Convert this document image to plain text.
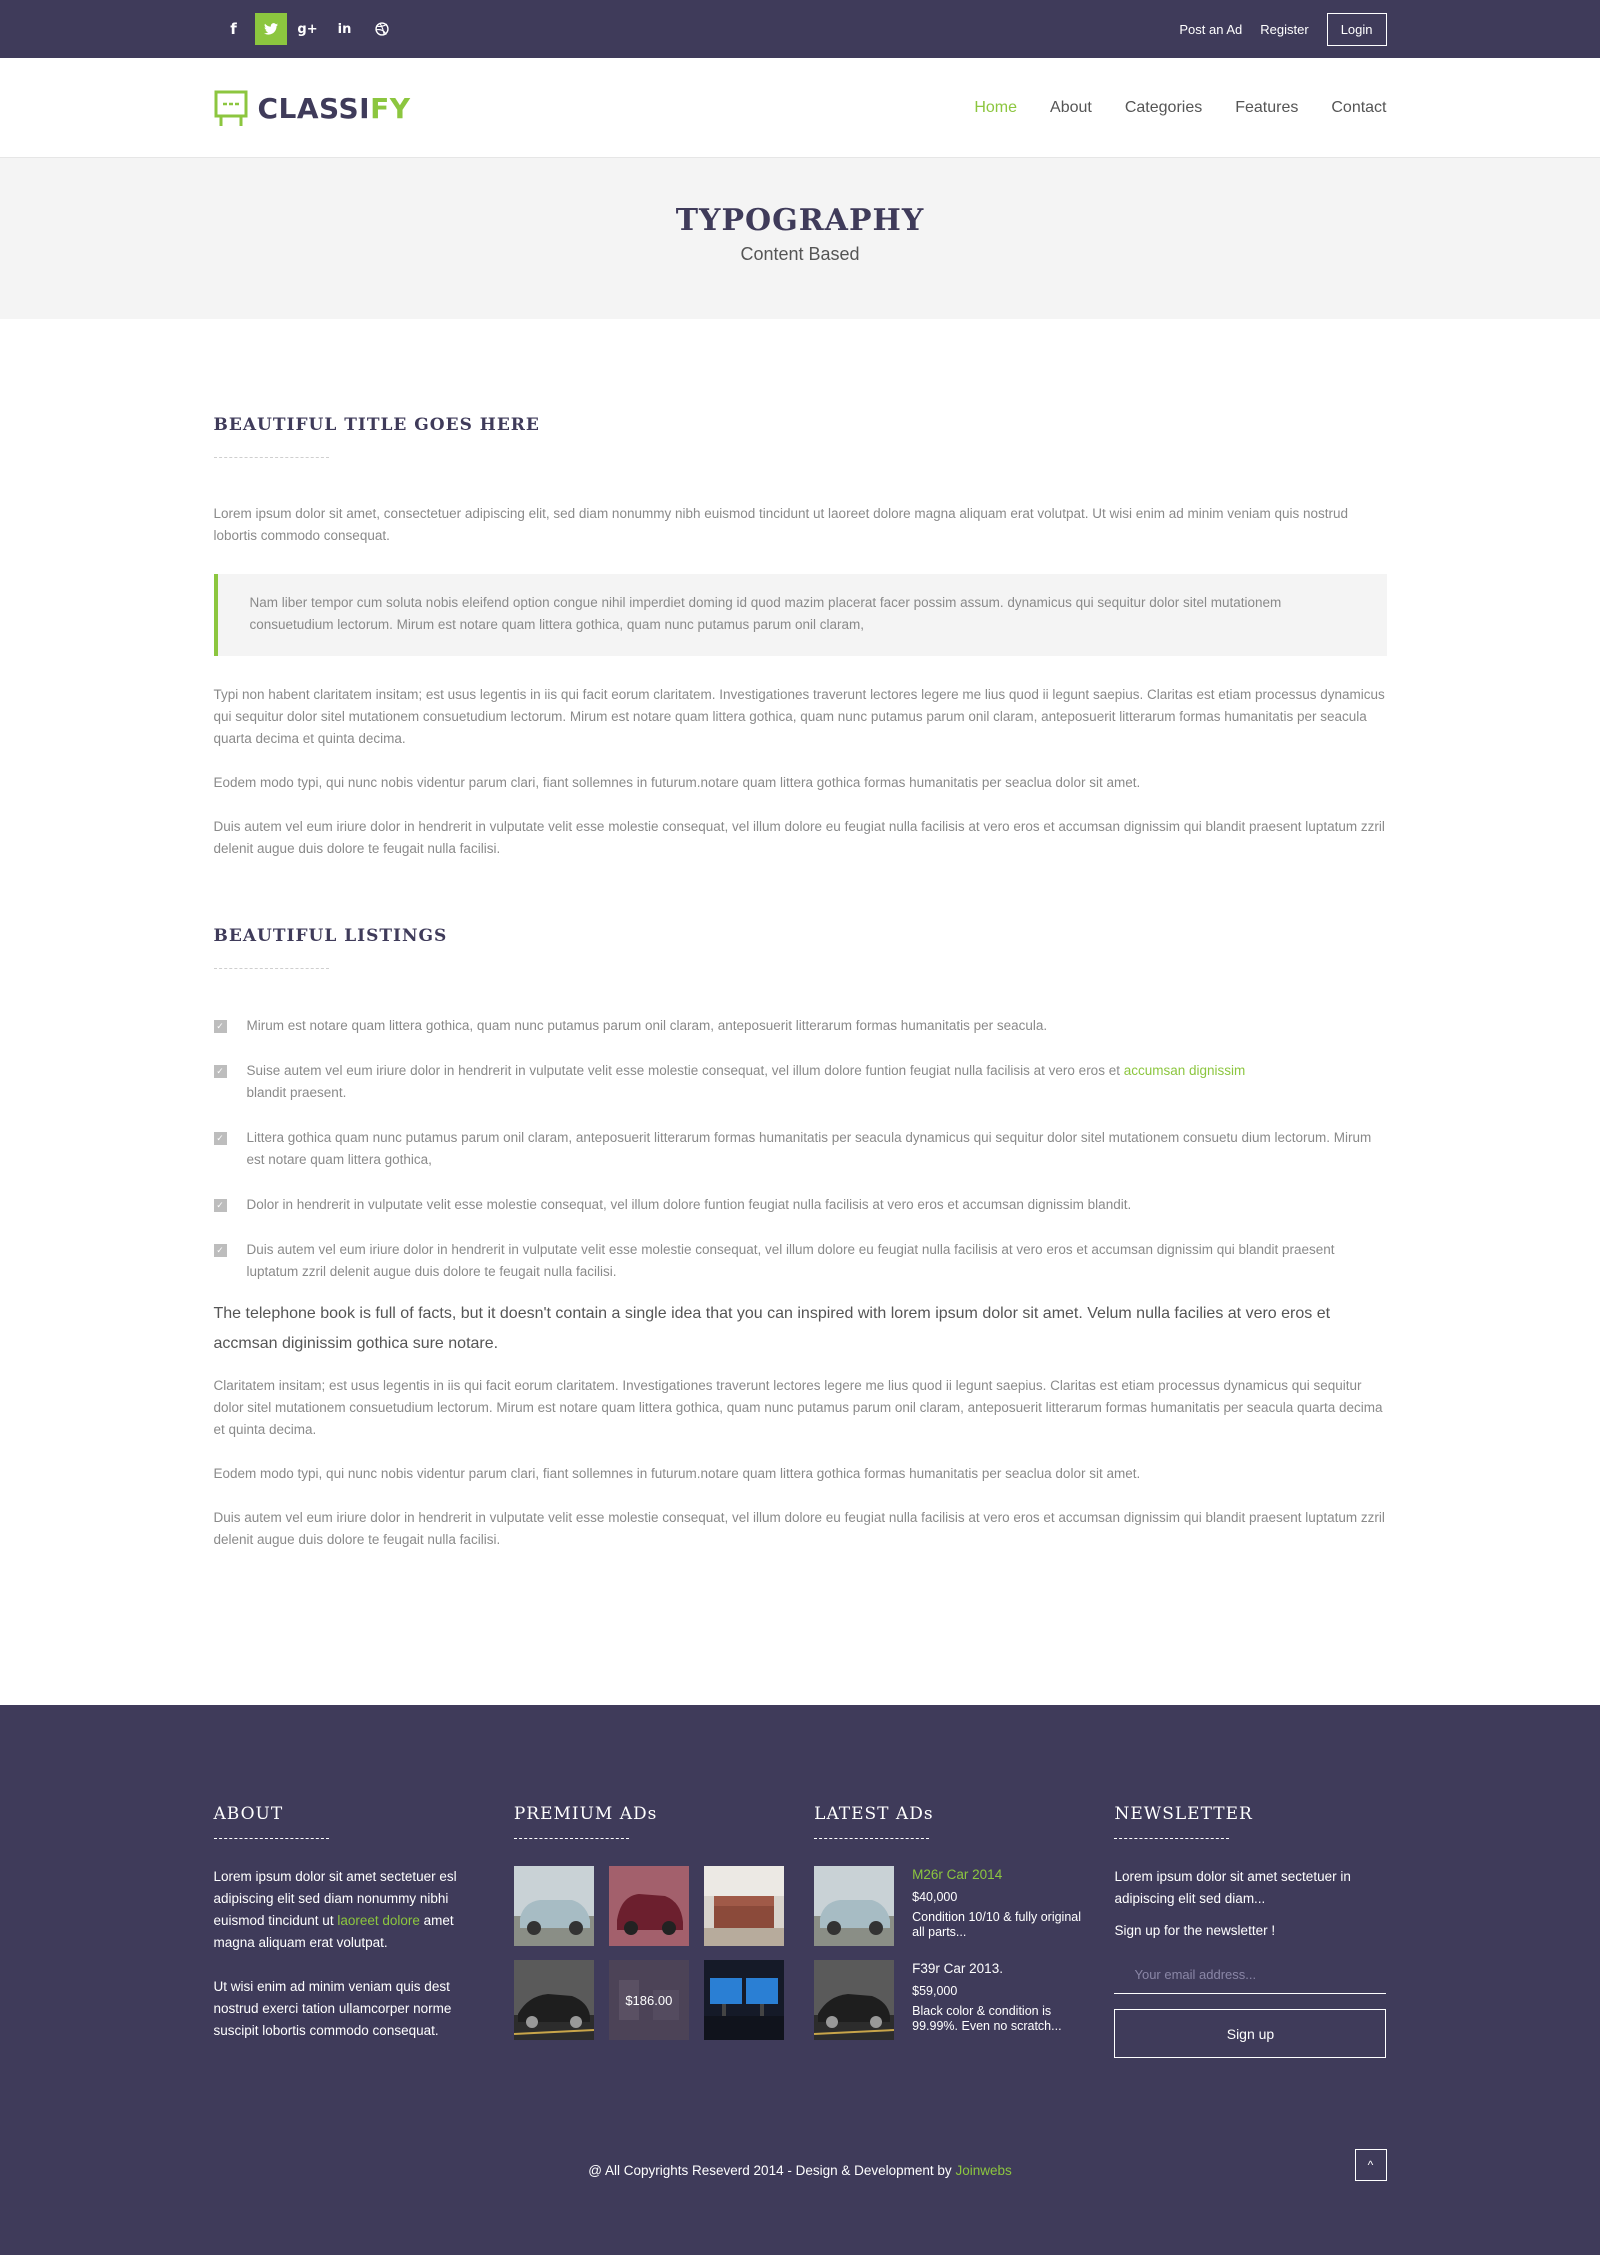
f	g+	in	Post an Ad Register	Login
CLASSIFY	Home About Categories Features Contact
TYPOGRAPHY
Content Based
BEAUTIFUL TITLE GOES HERE

Lorem ipsum dolor sit amet, consectetuer adipiscing elit, sed diam nonummy nibh euismod tincidunt ut laoreet dolore magna aliquam erat volutpat. Ut wisi enim ad minim veniam quis nostrud lobortis commodo consequat.

Nam liber tempor cum soluta nobis eleifend option congue nihil imperdiet doming id quod mazim placerat facer possim assum. dynamicus qui sequitur dolor sitel mutationem consuetudium lectorum. Mirum est notare quam littera gothica, quam nunc putamus parum onil claram,

Typi non habent claritatem insitam; est usus legentis in iis qui facit eorum claritatem. Investigationes traverunt lectores legere me lius quod ii legunt saepius. Claritas est etiam processus dynamicus qui sequitur dolor sitel mutationem consuetudium lectorum. Mirum est notare quam littera gothica, quam nunc putamus parum onil claram, anteposuerit litterarum formas humanitatis per seacula quarta decima et quinta decima.

Eodem modo typi, qui nunc nobis videntur parum clari, fiant sollemnes in futurum.notare quam littera gothica formas humanitatis per seaclua dolor sit amet.

Duis autem vel eum iriure dolor in hendrerit in vulputate velit esse molestie consequat, vel illum dolore eu feugiat nulla facilisis at vero eros et accumsan dignissim qui blandit praesent luptatum zzril delenit augue duis dolore te feugait nulla facilisi.

BEAUTIFUL LISTINGS
✓ Mirum est notare quam littera gothica, quam nunc putamus parum onil claram, anteposuerit litterarum formas humanitatis per seacula.
✓ Suise autem vel eum iriure dolor in hendrerit in vulputate velit esse molestie consequat, vel illum dolore funtion feugiat nulla facilisis at vero eros et accumsan dignissim
blandit praesent.
✓ Littera gothica quam nunc putamus parum onil claram, anteposuerit litterarum formas humanitatis per seacula dynamicus qui sequitur dolor sitel mutationem consuetu dium lectorum. Mirum est notare quam littera gothica,
✓ Dolor in hendrerit in vulputate velit esse molestie consequat, vel illum dolore funtion feugiat nulla facilisis at vero eros et accumsan dignissim blandit.
✓ Duis autem vel eum iriure dolor in hendrerit in vulputate velit esse molestie consequat, vel illum dolore eu feugiat nulla facilisis at vero eros et accumsan dignissim qui blandit praesent luptatum zzril delenit augue duis dolore te feugait nulla facilisi.

The telephone book is full of facts, but it doesn't contain a single idea that you can inspired with lorem ipsum dolor sit amet. Velum nulla facilies at vero eros et accmsan diginissim gothica sure notare.

Claritatem insitam; est usus legentis in iis qui facit eorum claritatem. Investigationes traverunt lectores legere me lius quod ii legunt saepius. Claritas est etiam processus dynamicus qui sequitur dolor sitel mutationem consuetudium lectorum. Mirum est notare quam littera gothica, quam nunc putamus parum onil claram, anteposuerit litterarum formas humanitatis per seacula quarta decima et quinta decima.

Eodem modo typi, qui nunc nobis videntur parum clari, fiant sollemnes in futurum.notare quam littera gothica formas humanitatis per seaclua dolor sit amet.

Duis autem vel eum iriure dolor in hendrerit in vulputate velit esse molestie consequat, vel illum dolore eu feugiat nulla facilisis at vero eros et accumsan dignissim qui blandit praesent luptatum zzril delenit augue duis dolore te feugait nulla facilisi.

ABOUT

Lorem ipsum dolor sit amet sectetuer esl adipiscing elit sed diam nonummy nibhi euismod tincidunt ut laoreet dolore amet magna aliquam erat volutpat.

Ut wisi enim ad minim veniam quis dest nostrud exerci tation ullamcorper norme suscipit lobortis commodo consequat.

PREMIUM ADs
$186.00
LATEST ADs
M26r Car 2014
$40,000
Condition 10/10 & fully original all parts...
F39r Car 2013.
$59,000
Black color & condition is 99.99%. Even no scratch...
NEWSLETTER

Lorem ipsum dolor sit amet sectetuer in adipiscing elit sed diam...

Sign up for the newsletter !

Your email address... Sign up
@ All Copyrights Reseverd 2014 - Design & Development by Joinwebs	^
